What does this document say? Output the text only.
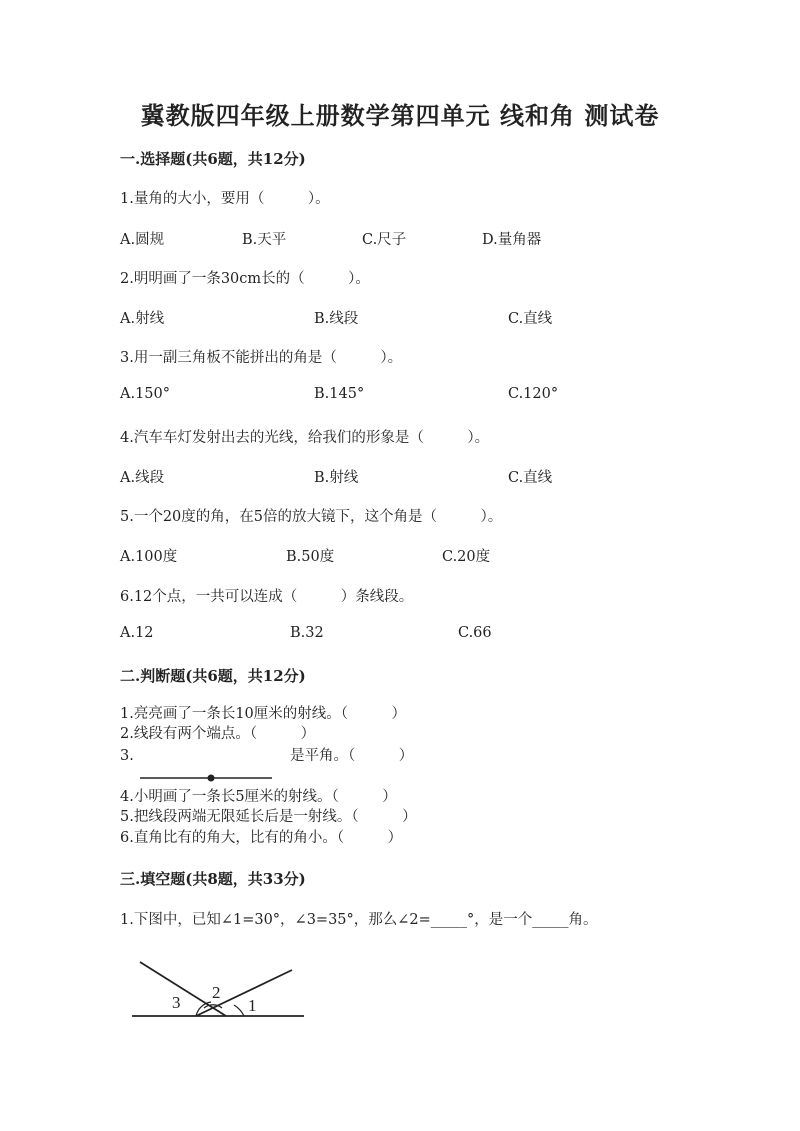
冀教版四年级上册数学第四单元 线和角 测试卷
一.选择题(共6题，共12分)
1.量角的大小，要用（　　　）。
A.圆规	B.天平	C.尺子	D.量角器
2.明明画了一条30cm长的（　　　）。
A.射线	B.线段	C.直线
3.用一副三角板不能拼出的角是（　　　）。
A.150°	B.145°	C.120°
4.汽车车灯发射出去的光线，给我们的形象是（　　　）。
A.线段	B.射线	C.直线
5.一个20度的角，在5倍的放大镜下，这个角是（　　　）。
A.100度	B.50度	C.20度
6.12个点，一共可以连成（　　　）条线段。
A.12	B.32	C.66
二.判断题(共6题，共12分)
1.亮亮画了一条长10厘米的射线。（　　　）
2.线段有两个端点。（　　　）
3.	是平角。（　　　）
4.小明画了一条长5厘米的射线。（　　　）
5.把线段两端无限延长后是一射线。（　　　）
6.直角比有的角大，比有的角小。（　　　）
三.填空题(共8题，共33分)
1.下图中，已知∠1=30°，∠3=35°，那么∠2=_____°，是一个_____角。
3
2
1
